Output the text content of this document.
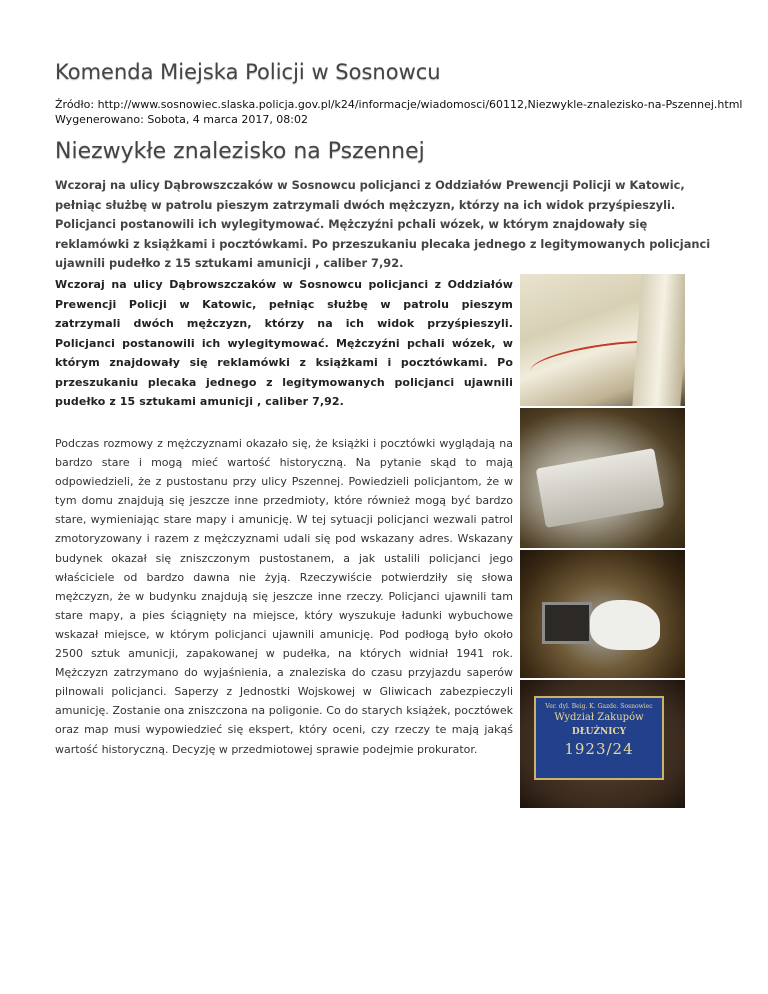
Komenda Miejska Policji w Sosnowcu
Źródło: http://www.sosnowiec.slaska.policja.gov.pl/k24/informacje/wiadomosci/60112,Niezwykle-znalezisko-na-Pszennej.html
Wygenerowano: Sobota, 4 marca 2017, 08:02
Niezwykłe znalezisko na Pszennej
Wczoraj na ulicy Dąbrowszczaków w Sosnowcu policjanci z Oddziałów Prewencji Policji w Katowic, pełniąc służbę w patrolu pieszym zatrzymali dwóch mężczyzn, którzy na ich widok przyśpieszyli. Policjanci postanowili ich wylegitymować. Mężczyźni pchali wózek, w którym znajdowały się reklamówki z książkami i pocztówkami. Po przeszukaniu plecaka jednego z legitymowanych policjanci ujawnili pudełko z 15 sztukami amunicji , caliber 7,92.
Wczoraj na ulicy Dąbrowszczaków w Sosnowcu policjanci z Oddziałów Prewencji Policji w Katowic, pełniąc służbę w patrolu pieszym zatrzymali dwóch mężczyzn, którzy na ich widok przyśpieszyli. Policjanci postanowili ich wylegitymować. Mężczyźni pchali wózek, w którym znajdowały się reklamówki z książkami i pocztówkami. Po przeszukaniu plecaka jednego z legitymowanych policjanci ujawnili pudełko z 15 sztukami amunicji , caliber 7,92.
Podczas rozmowy z mężczyznami okazało się, że książki i pocztówki wyglądają na bardzo stare i mogą mieć wartość historyczną. Na pytanie skąd to mają odpowiedzieli, że z pustostanu przy ulicy Pszennej. Powiedzieli policjantom, że w tym domu znajdują się jeszcze inne przedmioty, które również mogą być bardzo stare, wymieniając stare mapy i amunicję. W tej sytuacji policjanci wezwali patrol zmotoryzowany i razem z mężczyznami udali się pod wskazany adres. Wskazany budynek okazał się zniszczonym pustostanem, a jak ustalili policjanci jego właściciele od bardzo dawna nie żyją. Rzeczywiście potwierdziły się słowa mężczyzn, że w budynku znajdują się jeszcze inne rzeczy. Policjanci ujawnili tam stare mapy, a pies ściągnięty na miejsce, który wyszukuje ładunki wybuchowe wskazał miejsce, w którym policjanci ujawnili amunicję. Pod podłogą było około 2500 sztuk amunicji, zapakowanej w pudełka, na których widniał 1941 rok. Mężczyzn zatrzymano do wyjaśnienia, a znaleziska do czasu przyjazdu saperów pilnowali policjanci. Saperzy z Jednostki Wojskowej w Gliwicach zabezpieczyli amunicję. Zostanie ona zniszczona na poligonie. Co do starych książek, pocztówek oraz map musi wypowiedzieć się ekspert, który oceni, czy rzeczy te mają jakąś wartość historyczną. Decyzję w przedmiotowej sprawie podejmie prokurator.
Ver. dyl. Beig. K. Gazde. Sosnowiec
Wydział Zakupów
DŁUŻNICY
1923/24
